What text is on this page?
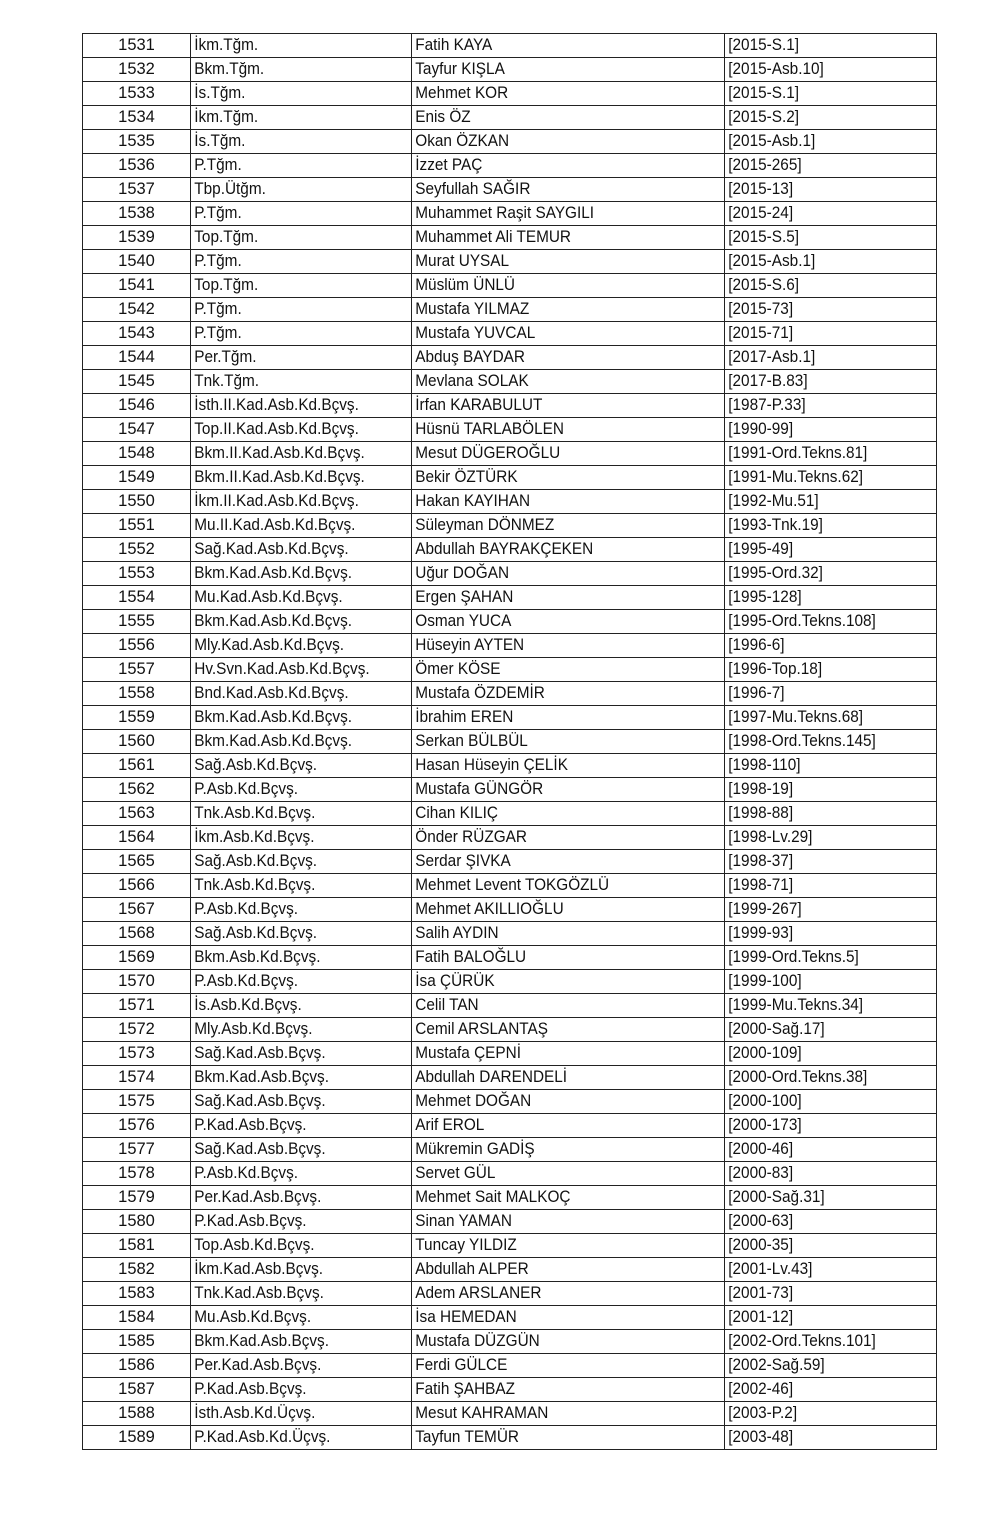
1531	İkm.Tğm.	Fatih KAYA	[2015-S.1]
1532	Bkm.Tğm.	Tayfur KIŞLA	[2015-Asb.10]
1533	İs.Tğm.	Mehmet KOR	[2015-S.1]
1534	İkm.Tğm.	Enis ÖZ	[2015-S.2]
1535	İs.Tğm.	Okan ÖZKAN	[2015-Asb.1]
1536	P.Tğm.	İzzet PAÇ	[2015-265]
1537	Tbp.Ütğm.	Seyfullah SAĞIR	[2015-13]
1538	P.Tğm.	Muhammet Raşit SAYGILI	[2015-24]
1539	Top.Tğm.	Muhammet Ali TEMUR	[2015-S.5]
1540	P.Tğm.	Murat UYSAL	[2015-Asb.1]
1541	Top.Tğm.	Müslüm ÜNLÜ	[2015-S.6]
1542	P.Tğm.	Mustafa YILMAZ	[2015-73]
1543	P.Tğm.	Mustafa YUVCAL	[2015-71]
1544	Per.Tğm.	Abduş BAYDAR	[2017-Asb.1]
1545	Tnk.Tğm.	Mevlana SOLAK	[2017-B.83]
1546	İsth.II.Kad.Asb.Kd.Bçvş.	İrfan KARABULUT	[1987-P.33]
1547	Top.II.Kad.Asb.Kd.Bçvş.	Hüsnü TARLABÖLEN	[1990-99]
1548	Bkm.II.Kad.Asb.Kd.Bçvş.	Mesut DÜGEROĞLU	[1991-Ord.Tekns.81]
1549	Bkm.II.Kad.Asb.Kd.Bçvş.	Bekir ÖZTÜRK	[1991-Mu.Tekns.62]
1550	İkm.II.Kad.Asb.Kd.Bçvş.	Hakan KAYIHAN	[1992-Mu.51]
1551	Mu.II.Kad.Asb.Kd.Bçvş.	Süleyman DÖNMEZ	[1993-Tnk.19]
1552	Sağ.Kad.Asb.Kd.Bçvş.	Abdullah BAYRAKÇEKEN	[1995-49]
1553	Bkm.Kad.Asb.Kd.Bçvş.	Uğur DOĞAN	[1995-Ord.32]
1554	Mu.Kad.Asb.Kd.Bçvş.	Ergen ŞAHAN	[1995-128]
1555	Bkm.Kad.Asb.Kd.Bçvş.	Osman YUCA	[1995-Ord.Tekns.108]
1556	Mly.Kad.Asb.Kd.Bçvş.	Hüseyin AYTEN	[1996-6]
1557	Hv.Svn.Kad.Asb.Kd.Bçvş.	Ömer KÖSE	[1996-Top.18]
1558	Bnd.Kad.Asb.Kd.Bçvş.	Mustafa ÖZDEMİR	[1996-7]
1559	Bkm.Kad.Asb.Kd.Bçvş.	İbrahim EREN	[1997-Mu.Tekns.68]
1560	Bkm.Kad.Asb.Kd.Bçvş.	Serkan BÜLBÜL	[1998-Ord.Tekns.145]
1561	Sağ.Asb.Kd.Bçvş.	Hasan Hüseyin ÇELİK	[1998-110]
1562	P.Asb.Kd.Bçvş.	Mustafa GÜNGÖR	[1998-19]
1563	Tnk.Asb.Kd.Bçvş.	Cihan KILIÇ	[1998-88]
1564	İkm.Asb.Kd.Bçvş.	Önder RÜZGAR	[1998-Lv.29]
1565	Sağ.Asb.Kd.Bçvş.	Serdar ŞIVKA	[1998-37]
1566	Tnk.Asb.Kd.Bçvş.	Mehmet Levent TOKGÖZLÜ	[1998-71]
1567	P.Asb.Kd.Bçvş.	Mehmet AKILLIOĞLU	[1999-267]
1568	Sağ.Asb.Kd.Bçvş.	Salih AYDIN	[1999-93]
1569	Bkm.Asb.Kd.Bçvş.	Fatih BALOĞLU	[1999-Ord.Tekns.5]
1570	P.Asb.Kd.Bçvş.	İsa ÇÜRÜK	[1999-100]
1571	İs.Asb.Kd.Bçvş.	Celil TAN	[1999-Mu.Tekns.34]
1572	Mly.Asb.Kd.Bçvş.	Cemil ARSLANTAŞ	[2000-Sağ.17]
1573	Sağ.Kad.Asb.Bçvş.	Mustafa ÇEPNİ	[2000-109]
1574	Bkm.Kad.Asb.Bçvş.	Abdullah DARENDELİ	[2000-Ord.Tekns.38]
1575	Sağ.Kad.Asb.Bçvş.	Mehmet DOĞAN	[2000-100]
1576	P.Kad.Asb.Bçvş.	Arif EROL	[2000-173]
1577	Sağ.Kad.Asb.Bçvş.	Mükremin GADİŞ	[2000-46]
1578	P.Asb.Kd.Bçvş.	Servet GÜL	[2000-83]
1579	Per.Kad.Asb.Bçvş.	Mehmet Sait MALKOÇ	[2000-Sağ.31]
1580	P.Kad.Asb.Bçvş.	Sinan YAMAN	[2000-63]
1581	Top.Asb.Kd.Bçvş.	Tuncay YILDIZ	[2000-35]
1582	İkm.Kad.Asb.Bçvş.	Abdullah ALPER	[2001-Lv.43]
1583	Tnk.Kad.Asb.Bçvş.	Adem ARSLANER	[2001-73]
1584	Mu.Asb.Kd.Bçvş.	İsa HEMEDAN	[2001-12]
1585	Bkm.Kad.Asb.Bçvş.	Mustafa DÜZGÜN	[2002-Ord.Tekns.101]
1586	Per.Kad.Asb.Bçvş.	Ferdi GÜLCE	[2002-Sağ.59]
1587	P.Kad.Asb.Bçvş.	Fatih ŞAHBAZ	[2002-46]
1588	İsth.Asb.Kd.Üçvş.	Mesut KAHRAMAN	[2003-P.2]
1589	P.Kad.Asb.Kd.Üçvş.	Tayfun TEMÜR	[2003-48]
